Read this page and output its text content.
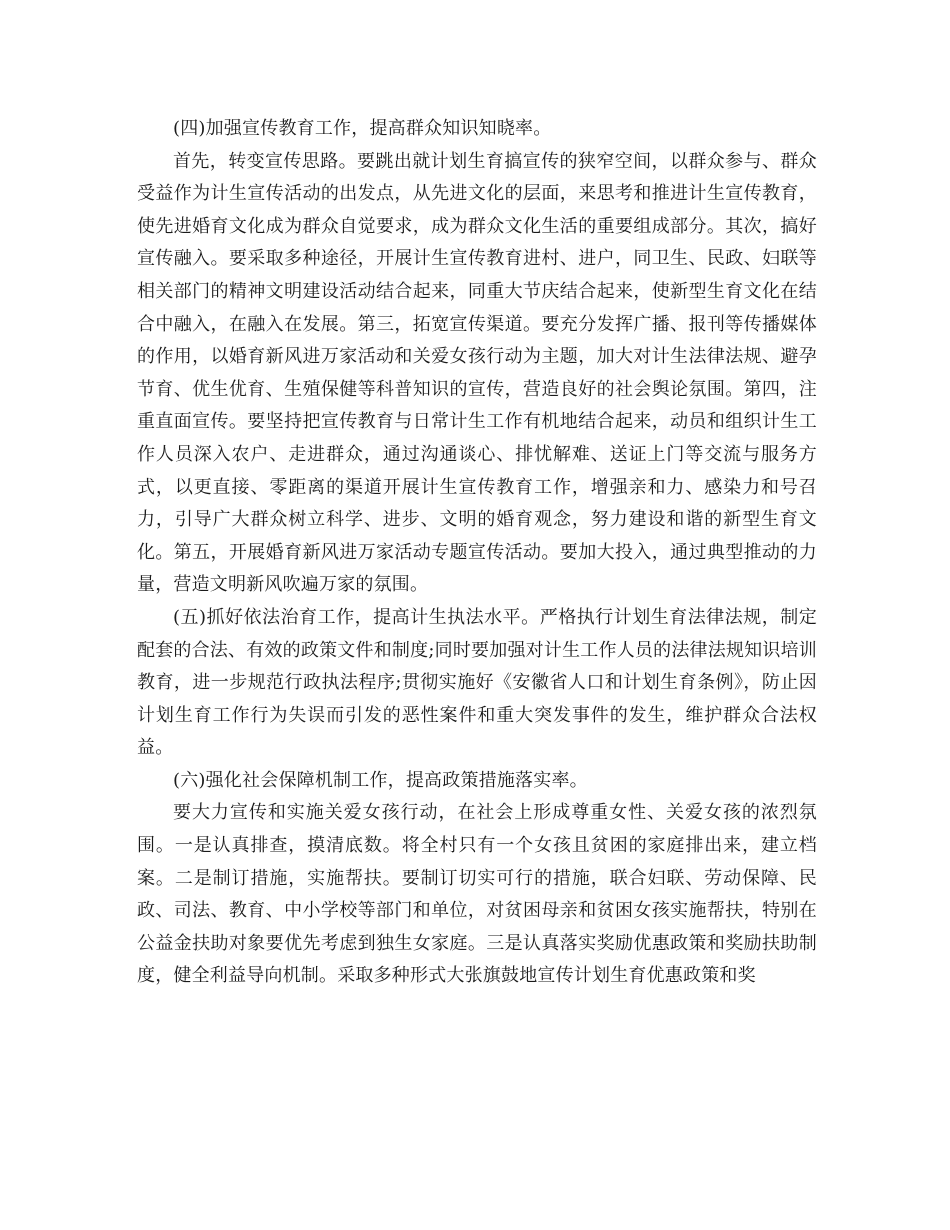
(四)加强宣传教育工作，提高群众知识知晓率。

首先，转变宣传思路。要跳出就计划生育搞宣传的狭窄空间，以群众参与、群众受益作为计生宣传活动的出发点，从先进文化的层面，来思考和推进计生宣传教育，使先进婚育文化成为群众自觉要求，成为群众文化生活的重要组成部分。其次，搞好宣传融入。要采取多种途径，开展计生宣传教育进村、进户，同卫生、民政、妇联等相关部门的精神文明建设活动结合起来，同重大节庆结合起来，使新型生育文化在结合中融入，在融入在发展。第三，拓宽宣传渠道。要充分发挥广播、报刊等传播媒体的作用，以婚育新风进万家活动和关爱女孩行动为主题，加大对计生法律法规、避孕节育、优生优育、生殖保健等科普知识的宣传，营造良好的社会舆论氛围。第四，注重直面宣传。要坚持把宣传教育与日常计生工作有机地结合起来，动员和组织计生工作人员深入农户、走进群众，通过沟通谈心、排忧解难、送证上门等交流与服务方式，以更直接、零距离的渠道开展计生宣传教育工作，增强亲和力、感染力和号召力，引导广大群众树立科学、进步、文明的婚育观念，努力建设和谐的新型生育文化。第五，开展婚育新风进万家活动专题宣传活动。要加大投入，通过典型推动的力量，营造文明新风吹遍万家的氛围。

(五)抓好依法治育工作，提高计生执法水平。严格执行计划生育法律法规，制定配套的合法、有效的政策文件和制度;同时要加强对计生工作人员的法律法规知识培训教育，进一步规范行政执法程序;贯彻实施好《安徽省人口和计划生育条例》，防止因计划生育工作行为失误而引发的恶性案件和重大突发事件的发生，维护群众合法权益。

(六)强化社会保障机制工作，提高政策措施落实率。

要大力宣传和实施关爱女孩行动，在社会上形成尊重女性、关爱女孩的浓烈氛围。一是认真排查，摸清底数。将全村只有一个女孩且贫困的家庭排出来，建立档案。二是制订措施，实施帮扶。要制订切实可行的措施，联合妇联、劳动保障、民政、司法、教育、中小学校等部门和单位，对贫困母亲和贫困女孩实施帮扶，特别在公益金扶助对象要优先考虑到独生女家庭。三是认真落实奖励优惠政策和奖励扶助制度，健全利益导向机制。采取多种形式大张旗鼓地宣传计划生育优惠政策和奖
